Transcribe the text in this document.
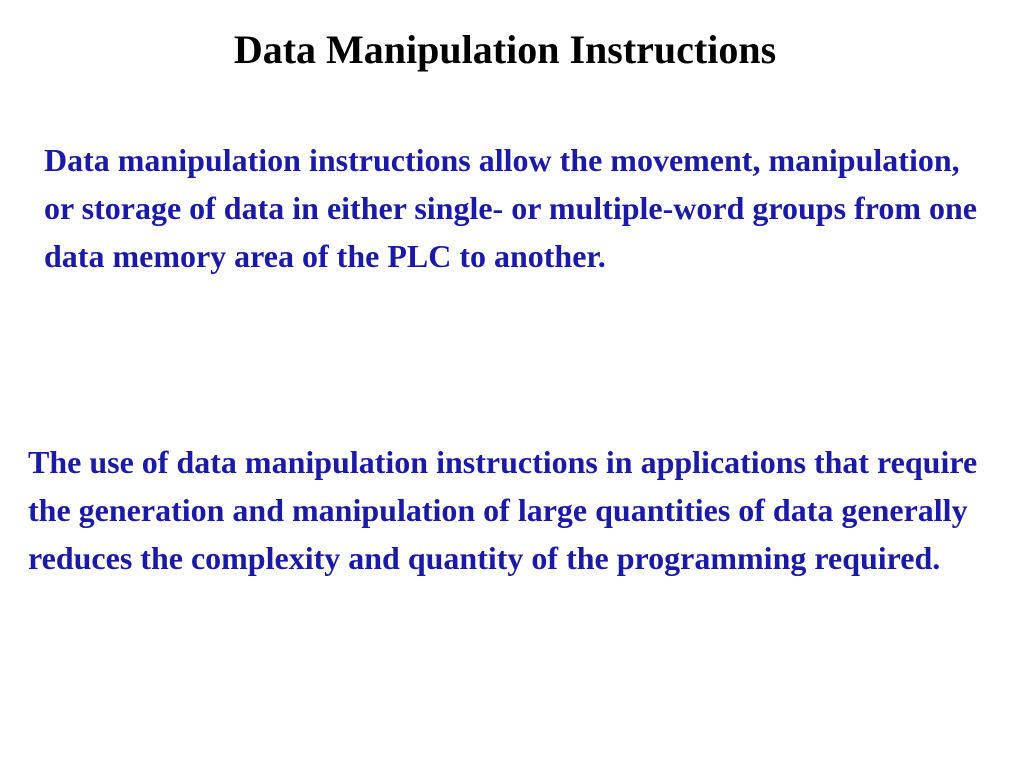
Data Manipulation Instructions

Data manipulation instructions allow the movement, manipulation, or storage of data in either single- or multiple-word groups from one data memory area of the PLC to another.

The use of data manipulation instructions in applications that require the generation and manipulation of large quantities of data generally reduces the complexity and quantity of the programming required.
